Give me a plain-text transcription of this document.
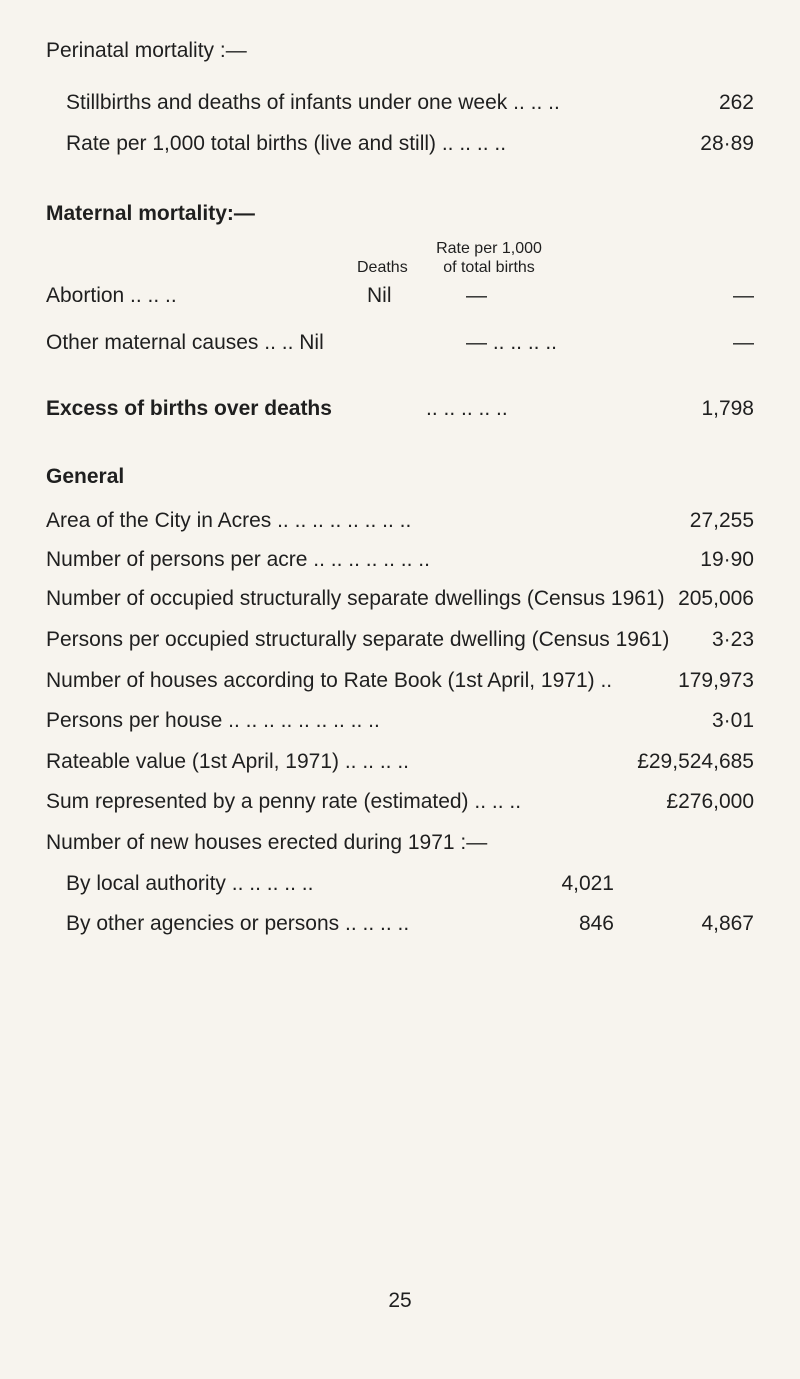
Perinatal mortality :—
Stillbirths and deaths of infants under one week .. .. ..	262
Rate per 1,000 total births (live and still) .. .. .. ..	28·89
Maternal mortality:—
Rate per 1,000
Deaths	of total births
Abortion .. .. ..	Nil	—	—
Other maternal causes .. .. Nil	— .. .. .. ..	—
Excess of births over deaths	.. .. .. .. ..	1,798
General
Area of the City in Acres .. .. .. .. .. .. .. ..	27,255
Number of persons per acre .. .. .. .. .. .. ..	19·90
Number of occupied structurally separate dwellings (Census 1961) 205,006
Persons per occupied structurally separate dwelling (Census 1961) 3·23
Number of houses according to Rate Book (1st April, 1971) ..	179,973
Persons per house .. .. .. .. .. .. .. .. ..	3·01
Rateable value (1st April, 1971) .. .. .. ..	£29,524,685
Sum represented by a penny rate (estimated) .. .. ..	£276,000
Number of new houses erected during 1971 :—
By local authority .. .. .. .. ..	4,021
By other agencies or persons .. .. .. ..	846	4,867
25
